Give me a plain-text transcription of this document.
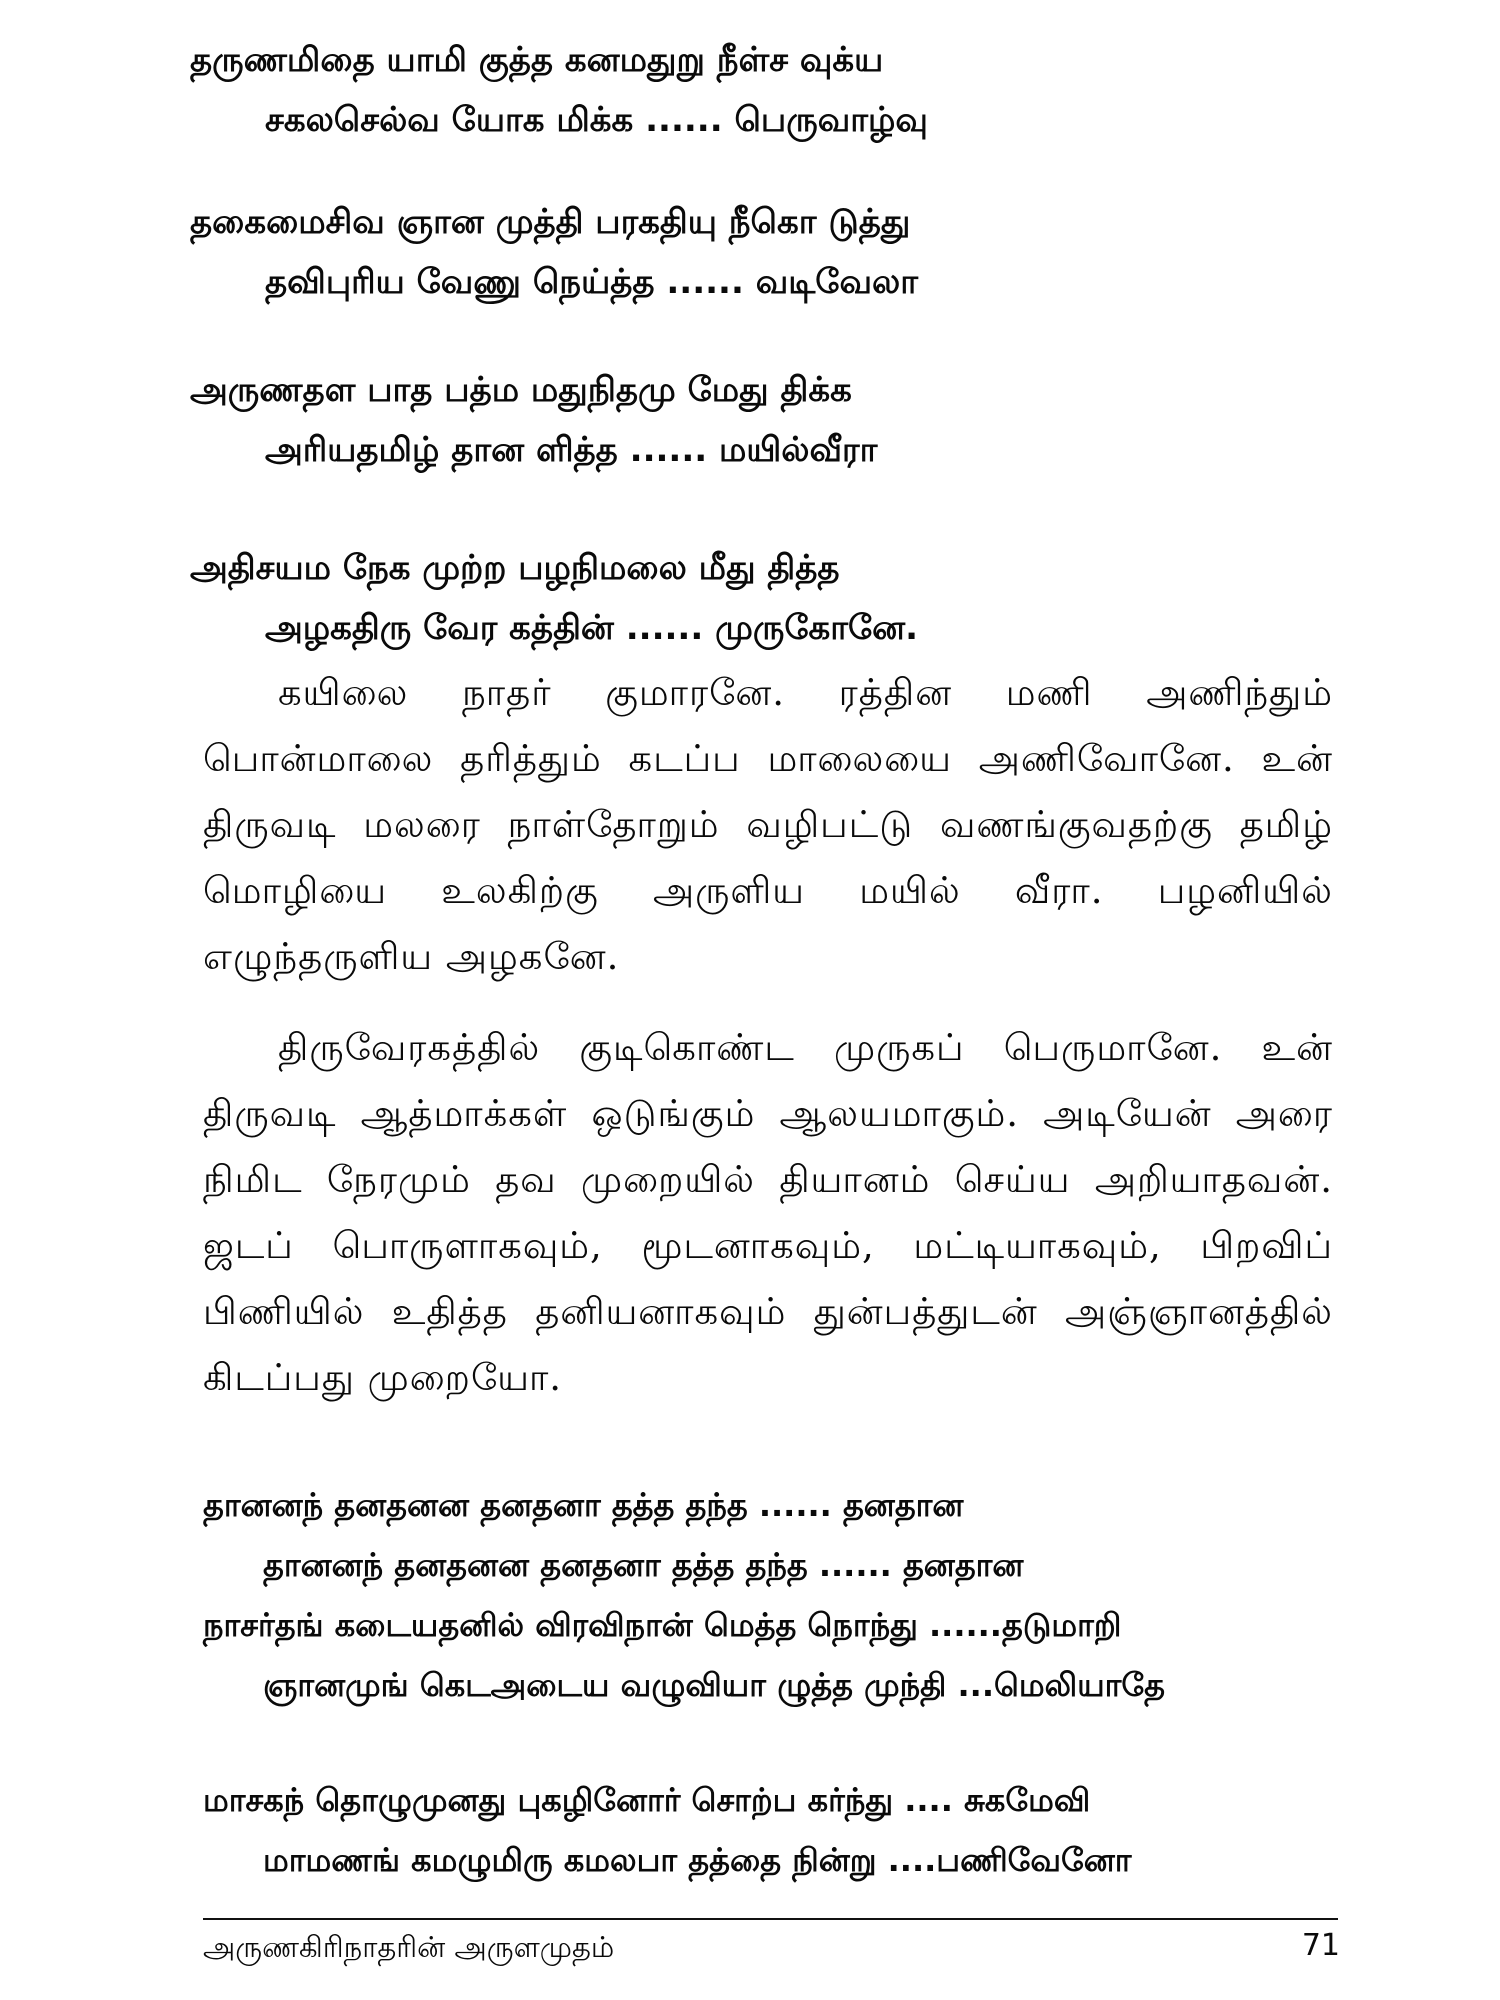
தருணமிதை யாமி குத்த கனமதுறு நீள்ச வுக்ய
சகலசெல்வ யோக மிக்க ...... பெருவாழ்வு
தகைமைசிவ ஞான முத்தி பரகதியு நீகொ டுத்து
தவிபுரிய வேணு நெய்த்த ...... வடிவேலா
அருணதள பாத பத்ம மதுநிதமு மேது திக்க
அரியதமிழ் தான ளித்த ...... மயில்வீரா
அதிசயம நேக முற்ற பழநிமலை மீது தித்த
அழகதிரு வேர கத்தின் ...... முருகோனே.

கயிலை நாதர் குமாரனே. ரத்தின மணி அணிந்தும் பொன்மாலை தரித்தும் கடப்ப மாலையை அணிவோனே. உன் திருவடி மலரை நாள்தோறும் வழிபட்டு வணங்குவதற்கு தமிழ் மொழியை உலகிற்கு அருளிய மயில் வீரா. பழனியில் எழுந்தருளிய அழகனே.

திருவேரகத்தில் குடிகொண்ட முருகப் பெருமானே. உன் திருவடி ஆத்மாக்கள் ஒடுங்கும் ஆலயமாகும். அடியேன் அரை நிமிட நேரமும் தவ முறையில் தியானம் செய்ய அறியாதவன். ஜடப் பொருளாகவும், மூடனாகவும், மட்டியாகவும், பிறவிப் பிணியில் உதித்த தனியனாகவும் துன்பத்துடன் அஞ்ஞானத்தில் கிடப்பது முறையோ.

தானனந் தனதனன தனதனா தத்த தந்த ...... தனதான
தானனந் தனதனன தனதனா தத்த தந்த ...... தனதான
நாசர்தங் கடையதனில் விரவிநான் மெத்த நொந்து ......தடுமாறி
ஞானமுங் கெடஅடைய வழுவியா ழுத்த முந்தி ...மெலியாதே
மாசகந் தொழுமுனது புகழினோர் சொற்ப கர்ந்து .... சுகமேவி
மாமணங் கமழுமிரு கமலபா தத்தை நின்று ....பணிவேனோ
அருணகிரிநாதரின் அருளமுதம்	71
